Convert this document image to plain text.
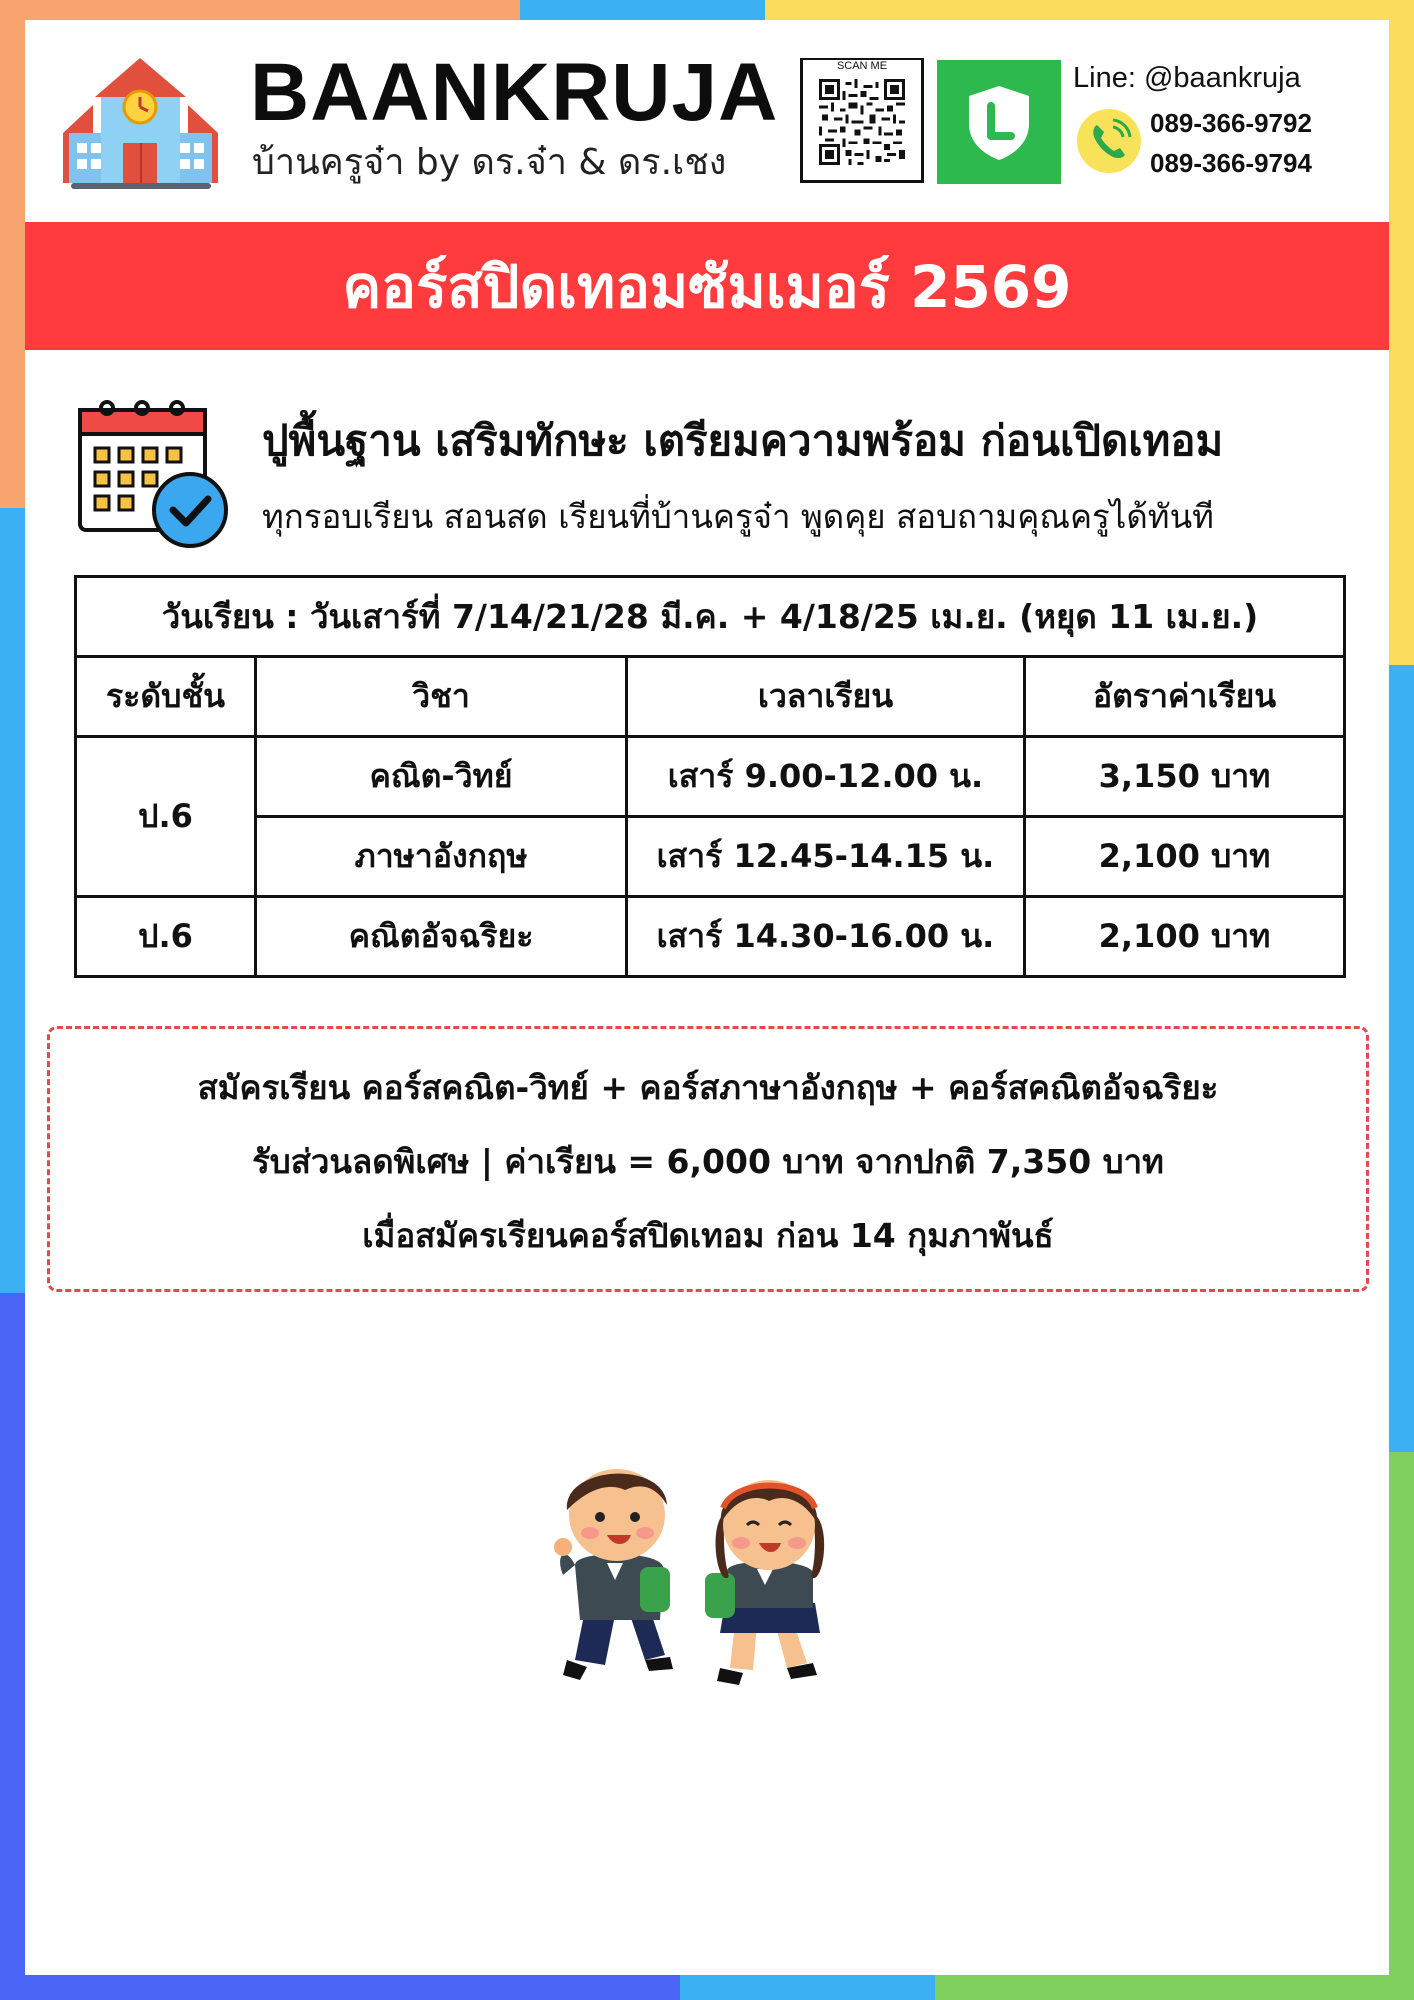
BAANKRUJA
บ้านครูจ๋า by ดร.จ๋า & ดร.เชง
SCAN ME	Line: @baankruja
089-366-9792
089-366-9794
คอร์สปิดเทอมซัมเมอร์ 2569
ปูพื้นฐาน เสริมทักษะ เตรียมความพร้อม ก่อนเปิดเทอม
ทุกรอบเรียน สอนสด เรียนที่บ้านครูจ๋า พูดคุย สอบถามคุณครูได้ทันที
วันเรียน : วันเสาร์ที่ 7/14/21/28 มี.ค. + 4/18/25 เม.ย. (หยุด 11 เม.ย.)			
ระดับชั้น	วิชา	เวลาเรียน	อัตราค่าเรียน
ป.6	คณิต-วิทย์	เสาร์ 9.00-12.00 น.	3,150 บาท
	ภาษาอังกฤษ	เสาร์ 12.45-14.15 น.	2,100 บาท
ป.6	คณิตอัจฉริยะ	เสาร์ 14.30-16.00 น.	2,100 บาท
สมัครเรียน คอร์สคณิต-วิทย์ + คอร์สภาษาอังกฤษ + คอร์สคณิตอัจฉริยะ
รับส่วนลดพิเศษ | ค่าเรียน = 6,000 บาท จากปกติ 7,350 บาท
เมื่อสมัครเรียนคอร์สปิดเทอม ก่อน 14 กุมภาพันธ์
